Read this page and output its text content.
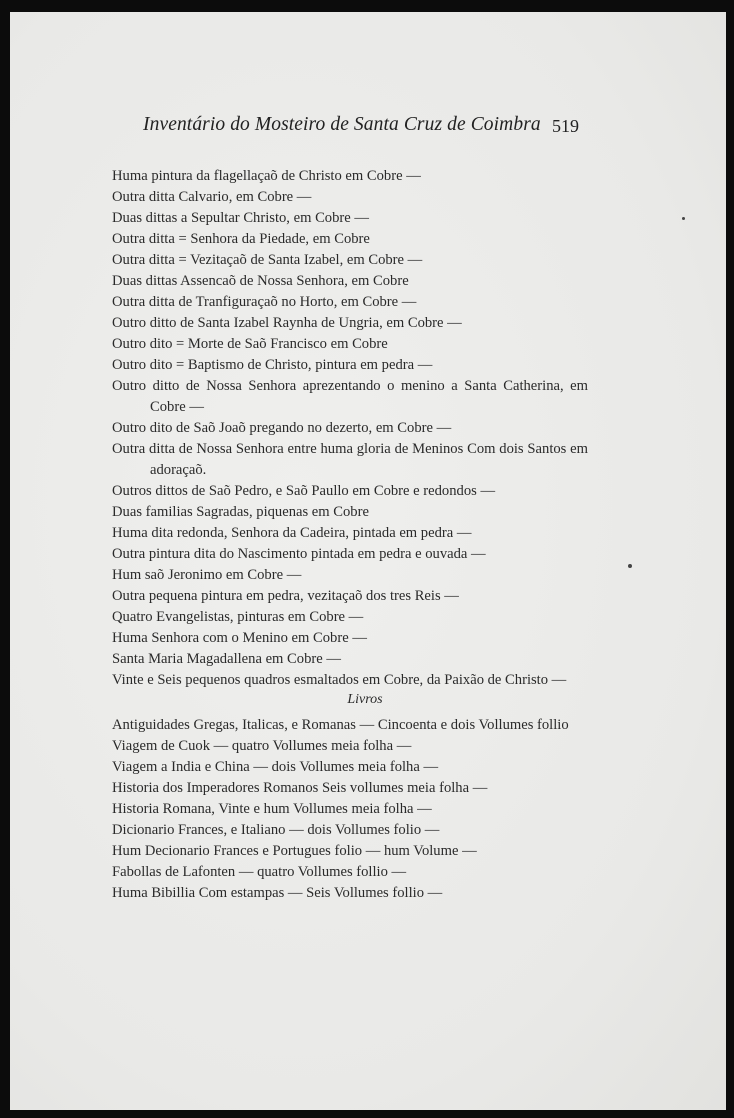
Inventário do Mosteiro de Santa Cruz de Coimbra 519

Huma pintura da flagellaçaõ de Christo em Cobre —

Outra ditta Calvario, em Cobre —

Duas dittas a Sepultar Christo, em Cobre —

Outra ditta = Senhora da Piedade, em Cobre

Outra ditta = Vezitaçaõ de Santa Izabel, em Cobre —

Duas dittas Assencaõ de Nossa Senhora, em Cobre

Outra ditta de Tranfiguraçaõ no Horto, em Cobre —

Outro ditto de Santa Izabel Raynha de Ungria, em Cobre —

Outro dito = Morte de Saõ Francisco em Cobre

Outro dito = Baptismo de Christo, pintura em pedra —

Outro ditto de Nossa Senhora aprezentando o menino a Santa Catherina, em Cobre —

Outro dito de Saõ Joaõ pregando no dezerto, em Cobre —

Outra ditta de Nossa Senhora entre huma gloria de Meninos Com dois Santos em adoraçaõ.

Outros dittos de Saõ Pedro, e Saõ Paullo em Cobre e redondos —

Duas familias Sagradas, piquenas em Cobre

Huma dita redonda, Senhora da Cadeira, pintada em pedra —

Outra pintura dita do Nascimento pintada em pedra e ouvada —

Hum saõ Jeronimo em Cobre —

Outra pequena pintura em pedra, vezitaçaõ dos tres Reis —

Quatro Evangelistas, pinturas em Cobre —

Huma Senhora com o Menino em Cobre —

Santa Maria Magadallena em Cobre —

Vinte e Seis pequenos quadros esmaltados em Cobre, da Paixão de Christo —

Livros

Antiguidades Gregas, Italicas, e Romanas — Cincoenta e dois Vollumes follio

Viagem de Cuok — quatro Vollumes meia folha —

Viagem a India e China — dois Vollumes meia folha —

Historia dos Imperadores Romanos Seis vollumes meia folha —

Historia Romana, Vinte e hum Vollumes meia folha —

Dicionario Frances, e Italiano — dois Vollumes folio —

Hum Decionario Frances e Portugues folio — hum Volume —

Fabollas de Lafonten — quatro Vollumes follio —

Huma Bibillia Com estampas — Seis Vollumes follio —
